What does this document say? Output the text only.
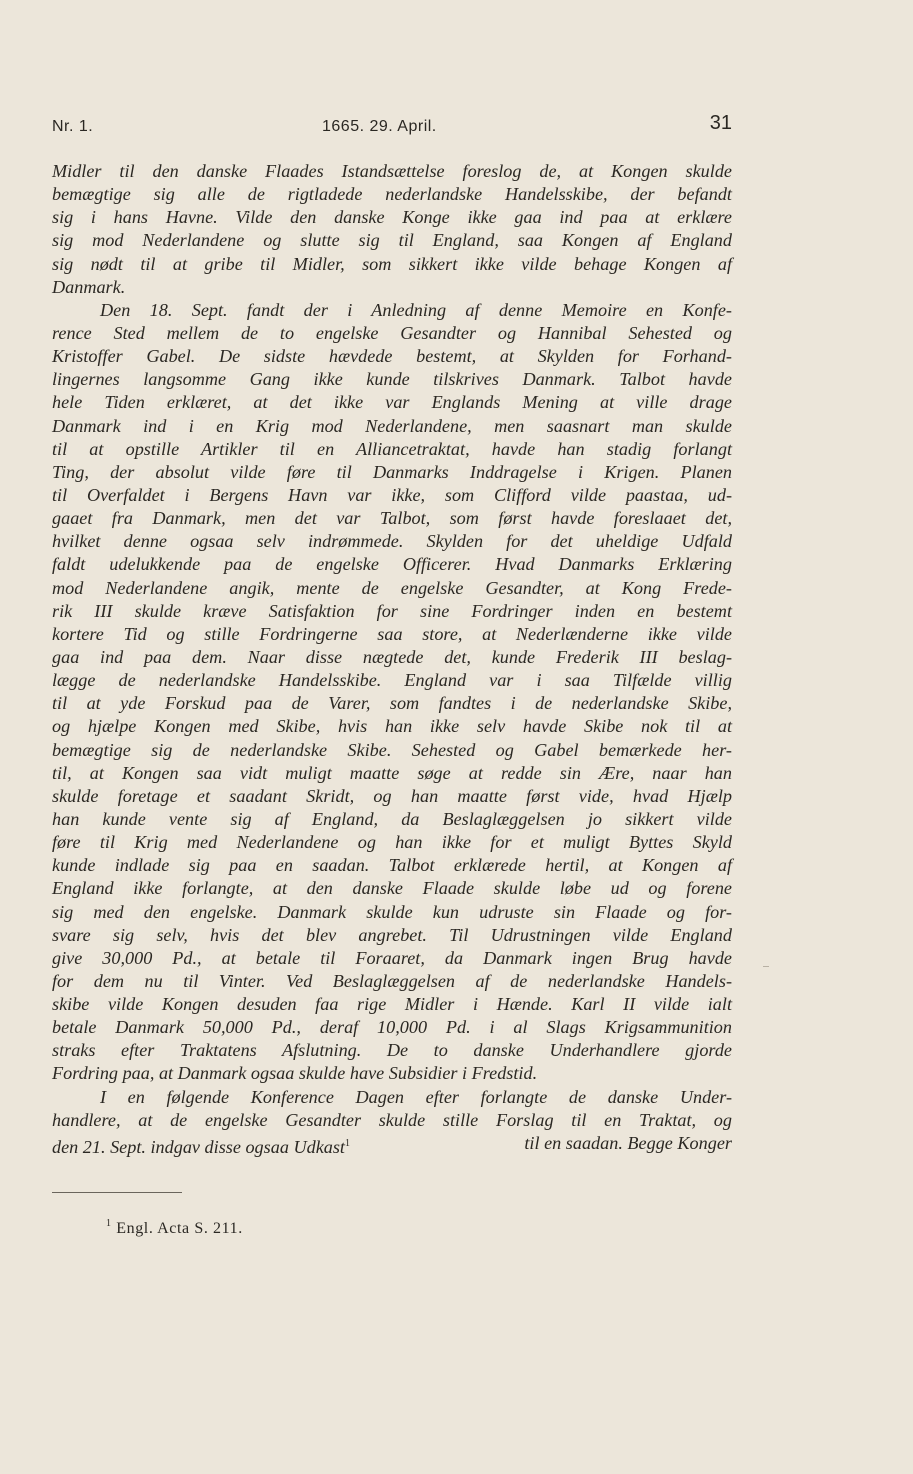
Nr. 1.	1665. 29. April.	31
Midler til den danske Flaades Istandsættelse foreslog de, at Kongen skulde
bemægtige sig alle de rigtladede nederlandske Handelsskibe, der befandt
sig i hans Havne. Vilde den danske Konge ikke gaa ind paa at erklære
sig mod Nederlandene og slutte sig til England, saa Kongen af England
sig nødt til at gribe til Midler, som sikkert ikke vilde behage Kongen af
Danmark.
Den 18. Sept. fandt der i Anledning af denne Memoire en Konfe-
rence Sted mellem de to engelske Gesandter og Hannibal Sehested og
Kristoffer Gabel. De sidste hævdede bestemt, at Skylden for Forhand-
lingernes langsomme Gang ikke kunde tilskrives Danmark. Talbot havde
hele Tiden erklæret, at det ikke var Englands Mening at ville drage
Danmark ind i en Krig mod Nederlandene, men saasnart man skulde
til at opstille Artikler til en Alliancetraktat, havde han stadig forlangt
Ting, der absolut vilde føre til Danmarks Inddragelse i Krigen. Planen
til Overfaldet i Bergens Havn var ikke, som Clifford vilde paastaa, ud-
gaaet fra Danmark, men det var Talbot, som først havde foreslaaet det,
hvilket denne ogsaa selv indrømmede. Skylden for det uheldige Udfald
faldt udelukkende paa de engelske Officerer. Hvad Danmarks Erklæring
mod Nederlandene angik, mente de engelske Gesandter, at Kong Frede-
rik III skulde kræve Satisfaktion for sine Fordringer inden en bestemt
kortere Tid og stille Fordringerne saa store, at Nederlænderne ikke vilde
gaa ind paa dem. Naar disse nægtede det, kunde Frederik III beslag-
lægge de nederlandske Handelsskibe. England var i saa Tilfælde villig
til at yde Forskud paa de Varer, som fandtes i de nederlandske Skibe,
og hjælpe Kongen med Skibe, hvis han ikke selv havde Skibe nok til at
bemægtige sig de nederlandske Skibe. Sehested og Gabel bemærkede her-
til, at Kongen saa vidt muligt maatte søge at redde sin Ære, naar han
skulde foretage et saadant Skridt, og han maatte først vide, hvad Hjælp
han kunde vente sig af England, da Beslaglæggelsen jo sikkert vilde
føre til Krig med Nederlandene og han ikke for et muligt Byttes Skyld
kunde indlade sig paa en saadan. Talbot erklærede hertil, at Kongen af
England ikke forlangte, at den danske Flaade skulde løbe ud og forene
sig med den engelske. Danmark skulde kun udruste sin Flaade og for-
svare sig selv, hvis det blev angrebet. Til Udrustningen vilde England
give 30,000 Pd., at betale til Foraaret, da Danmark ingen Brug havde
for dem nu til Vinter. Ved Beslaglæggelsen af de nederlandske Handels-
skibe vilde Kongen desuden faa rige Midler i Hænde. Karl II vilde ialt
betale Danmark 50,000 Pd., deraf 10,000 Pd. i al Slags Krigsammunition
straks efter Traktatens Afslutning. De to danske Underhandlere gjorde
Fordring paa, at Danmark ogsaa skulde have Subsidier i Fredstid.
I en følgende Konference Dagen efter forlangte de danske Under-
handlere, at de engelske Gesandter skulde stille Forslag til en Traktat, og
den 21. Sept. indgav disse ogsaa Udkast$^1$	til en saadan. Begge Konger
$^1$ Engl. Acta S. 211.
